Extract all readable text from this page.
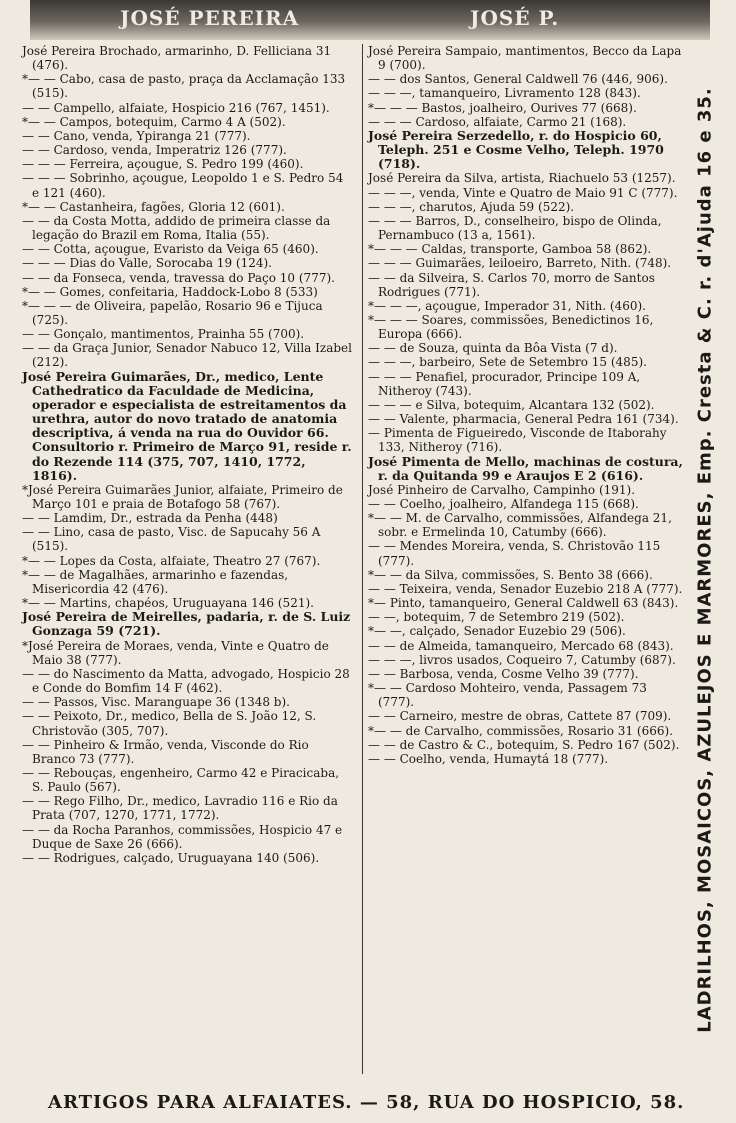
JOSÉ PEREIRA	JOSÉ P.
José Pereira Brochado, armarinho, D. Felliciana 31 (476).
*— — Cabo, casa de pasto, praça da Acclamação 133 (515).
— — Campello, alfaiate, Hospicio 216 (767, 1451).
*— — Campos, botequim, Carmo 4 A (502).
— — Cano, venda, Ypiranga 21 (777).
— — Cardoso, venda, Imperatriz 126 (777).
— — — Ferreira, açougue, S. Pedro 199 (460).
— — — Sobrinho, açougue, Leopoldo 1 e S. Pedro 54 e 121 (460).
*— — Castanheira, fagões, Gloria 12 (601).
— — da Costa Motta, addido de primeira classe da legação do Brazil em Roma, Italia (55).
— — Cotta, açougue, Evaristo da Veiga 65 (460).
— — — Dias do Valle, Sorocaba 19 (124).
— — da Fonseca, venda, travessa do Paço 10 (777).
*— — Gomes, confeitaria, Haddock-Lobo 8 (533)
*— — — de Oliveira, papelão, Rosario 96 e Tijuca (725).
— — Gonçalo, mantimentos, Prainha 55 (700).
— — da Graça Junior, Senador Nabuco 12, Villa Izabel (212).
José Pereira Guimarães, Dr., medico, Lente Cathedratico da Faculdade de Medicina, operador e especialista de estreitamentos da urethra, autor do novo tratado de anatomia descriptiva, á venda na rua do Ouvidor 66. Consultorio r. Primeiro de Março 91, reside r. do Rezende 114 (375, 707, 1410, 1772, 1816).
*José Pereira Guimarães Junior, alfaiate, Primeiro de Março 101 e praia de Botafogo 58 (767).
— — Lamdim, Dr., estrada da Penha (448)
— — Lino, casa de pasto, Visc. de Sapucahy 56 A (515).
*— — Lopes da Costa, alfaiate, Theatro 27 (767).
*— — de Magalhães, armarinho e fazendas, Misericordia 42 (476).
*— — Martins, chapéos, Uruguayana 146 (521).
José Pereira de Meirelles, padaria, r. de S. Luiz Gonzaga 59 (721).
*José Pereira de Moraes, venda, Vinte e Quatro de Maio 38 (777).
— — do Nascimento da Matta, advogado, Hospicio 28 e Conde do Bomfim 14 F (462).
— — Passos, Visc. Maranguape 36 (1348 b).
— — Peixoto, Dr., medico, Bella de S. João 12, S. Christovão (305, 707).
— — Pinheiro & Irmão, venda, Visconde do Rio Branco 73 (777).
— — Rebouças, engenheiro, Carmo 42 e Piracicaba, S. Paulo (567).
— — Rego Filho, Dr., medico, Lavradio 116 e Rio da Prata (707, 1270, 1771, 1772).
— — da Rocha Paranhos, commissões, Hospicio 47 e Duque de Saxe 26 (666).
— — Rodrigues, calçado, Uruguayana 140 (506).
José Pereira Sampaio, mantimentos, Becco da Lapa 9 (700).
— — dos Santos, General Caldwell 76 (446, 906).
— — —, tamanqueiro, Livramento 128 (843).
*— — — Bastos, joalheiro, Ourives 77 (668).
— — — Cardoso, alfaiate, Carmo 21 (168).
José Pereira Serzedello, r. do Hospicio 60, Teleph. 251 e Cosme Velho, Teleph. 1970 (718).
José Pereira da Silva, artista, Riachuelo 53 (1257).
— — —, venda, Vinte e Quatro de Maio 91 C (777).
— — —, charutos, Ajuda 59 (522).
— — — Barros, D., conselheiro, bispo de Olinda, Pernambuco (13 a, 1561).
*— — — Caldas, transporte, Gamboa 58 (862).
— — — Guimarães, leiloeiro, Barreto, Nith. (748).
— — da Silveira, S. Carlos 70, morro de Santos Rodrigues (771).
*— — —, açougue, Imperador 31, Nith. (460).
*— — — Soares, commissões, Benedictinos 16, Europa (666).
— — de Souza, quinta da Bôa Vista (7 d).
— — —, barbeiro, Sete de Setembro 15 (485).
— — — Penafiel, procurador, Principe 109 A, Nitheroy (743).
— — — e Silva, botequim, Alcantara 132 (502).
— — Valente, pharmacia, General Pedra 161 (734).
— Pimenta de Figueiredo, Visconde de Itaborahy 133, Nitheroy (716).
José Pimenta de Mello, machinas de costura, r. da Quitanda 99 e Araujos E 2 (616).
José Pinheiro de Carvalho, Campinho (191).
— — Coelho, joalheiro, Alfandega 115 (668).
*— — M. de Carvalho, commissões, Alfandega 21, sobr. e Ermelinda 10, Catumby (666).
— — Mendes Moreira, venda, S. Christovão 115 (777).
*— — da Silva, commissões, S. Bento 38 (666).
— — Teixeira, venda, Senador Euzebio 218 A (777).
*— Pinto, tamanqueiro, General Caldwell 63 (843).
— —, botequim, 7 de Setembro 219 (502).
*— —, calçado, Senador Euzebio 29 (506).
— — de Almeida, tamanqueiro, Mercado 68 (843).
— — —, livros usados, Coqueiro 7, Catumby (687).
— — Barbosa, venda, Cosme Velho 39 (777).
*— — Cardoso Mohteiro, venda, Passagem 73 (777).
— — Carneiro, mestre de obras, Cattete 87 (709).
*— — de Carvalho, commissões, Rosario 31 (666).
— — de Castro & C., botequim, S. Pedro 167 (502).
— — Coelho, venda, Humaytá 18 (777).	LADRILHOS, MOSAICOS, AZULEJOS E MARMORES, Emp. Cresta & C. r. d'Ajuda 16 e 35.
ARTIGOS PARA ALFAIATES. — 58, RUA DO HOSPICIO, 58.
